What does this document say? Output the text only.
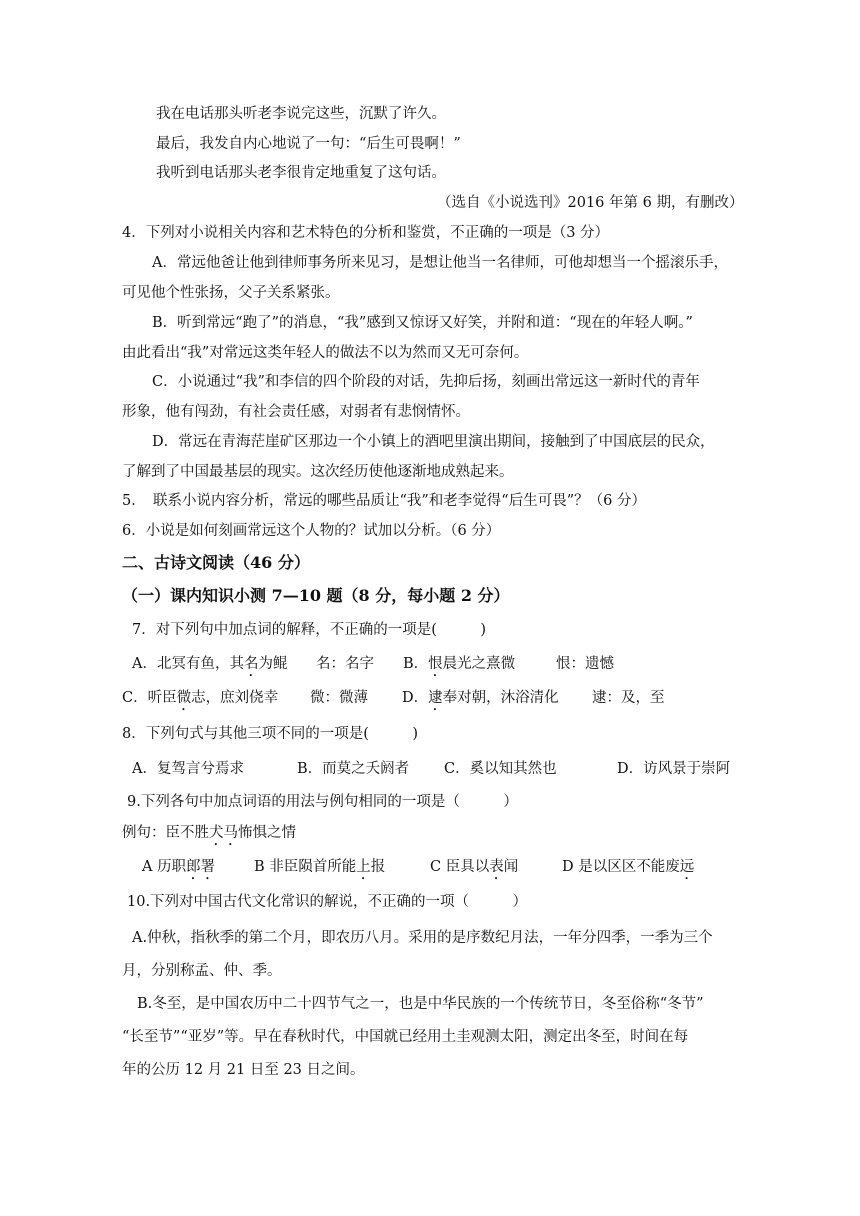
我在电话那头听老李说完这些，沉默了许久。
最后，我发自内心地说了一句：“后生可畏啊！”
我听到电话那头老李很肯定地重复了这句话。
（选自《小说选刊》2016 年第 6 期，有删改）
4．下列对小说相关内容和艺术特色的分析和鉴赏，不正确的一项是（3 分）
A．常远他爸让他到律师事务所来见习，是想让他当一名律师，可他却想当一个摇滚乐手，
可见他个性张扬，父子关系紧张。
B．听到常远“跑了”的消息，“我”感到又惊讶又好笑，并附和道：“现在的年轻人啊。”
由此看出“我”对常远这类年轻人的做法不以为然而又无可奈何。
C．小说通过“我”和李信的四个阶段的对话，先抑后扬，刻画出常远这一新时代的青年
形象，他有闯劲，有社会责任感，对弱者有悲悯情怀。
D．常远在青海茫崖矿区那边一个小镇上的酒吧里演出期间，接触到了中国底层的民众，
了解到了中国最基层的现实。这次经历使他逐渐地成熟起来。
5．　联系小说内容分析，常远的哪些品质让“我”和老李觉得“后生可畏”？（6 分）
6．小说是如何刻画常远这个人物的？试加以分析。（6 分）
二、古诗文阅读（46 分）
（一）课内知识小测 7—10 题（8 分，每小题 2 分）
7．对下列句中加点词的解释，不正确的一项是(　　　)
A．北冥有鱼，其名为鲲 名：名字 B．恨晨光之熹微	恨：遗憾
C．听臣微志，庶刘侥幸 微：微薄 D．逮奉对朝，沐浴清化 逮：及，至
8．下列句式与其他三项不同的一项是(　　　)
A．复驾言兮焉求	B．而莫之夭阏者 C．奚以知其然也	D．访风景于崇阿
9.下列各句中加点词语的用法与例句相同的一项是（　　　）
例句：臣不胜犬马怖惧之情
A 历职郎署	B 非臣陨首所能上报	C 臣具以表闻	D 是以区区不能废远
10.下列对中国古代文化常识的解说，不正确的一项（　　　）
A.仲秋，指秋季的第二个月，即农历八月。采用的是序数纪月法，一年分四季，一季为三个
月，分别称孟、仲、季。
B.冬至，是中国农历中二十四节气之一，也是中华民族的一个传统节日，冬至俗称“冬节”
“长至节”“亚岁”等。早在春秋时代，中国就已经用土圭观测太阳，测定出冬至，时间在每
年的公历 12 月 21 日至 23 日之间。
